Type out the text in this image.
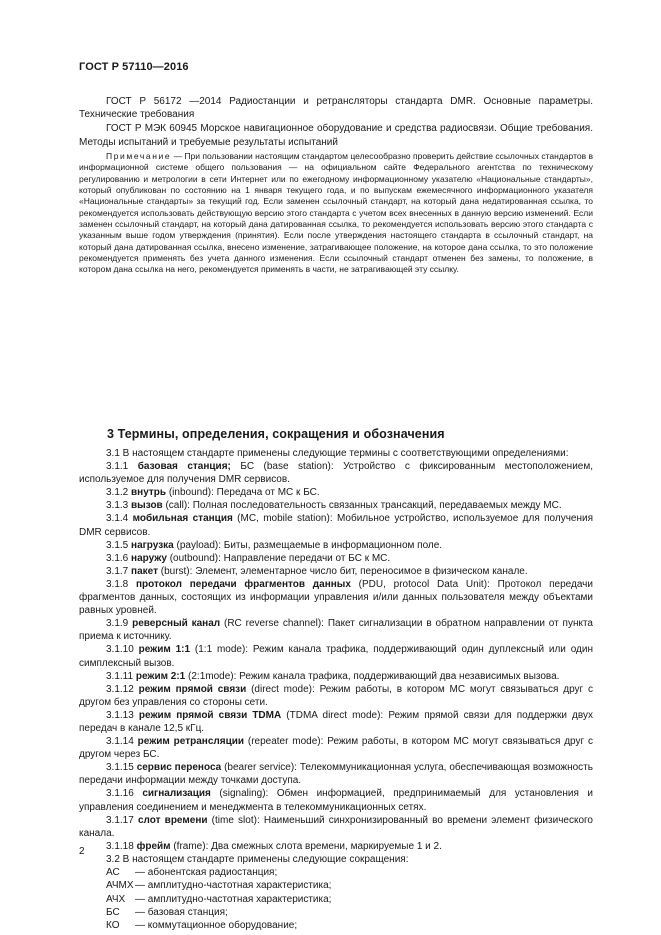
ГОСТ Р 57110—2016

ГОСТ Р 56172 —2014 Радиостанции и ретрансляторы стандарта DMR. Основные параметры. Технические требования

ГОСТ Р МЭК 60945 Морское навигационное оборудование и средства радиосвязи. Общие требования. Методы испытаний и требуемые результаты испытаний

Примечание — При пользовании настоящим стандартом целесообразно проверить действие ссылочных стандартов в информационной системе общего пользования — на официальном сайте Федерального агентства по техническому регулированию и метрологии в сети Интернет или по ежегодному информационному указателю «Национальные стандарты», который опубликован по состоянию на 1 января текущего года, и по выпускам ежемесячного информационного указателя «Национальные стандарты» за текущий год. Если заменен ссылочный стандарт, на который дана недатированная ссылка, то рекомендуется использовать действующую версию этого стандарта с учетом всех внесенных в данную версию изменений. Если заменен ссылочный стандарт, на который дана датированная ссылка, то рекомендуется использовать версию этого стандарта с указанным выше годом утверждения (принятия). Если после утверждения настоящего стандарта в ссылочный стандарт, на который дана датированная ссылка, внесено изменение, затрагивающее положение, на которое дана ссылка, то это положение рекомендуется применять без учета данного изменения. Если ссылочный стандарт отменен без замены, то положение, в котором дана ссылка на него, рекомендуется применять в части, не затрагивающей эту ссылку.
3 Термины, определения, сокращения и обозначения

3.1 В настоящем стандарте применены следующие термины с соответствующими определениями:

3.1.1 базовая станция; БС (base station): Устройство с фиксированным местоположением, используемое для получения DMR сервисов.

3.1.2 внутрь (inbound): Передача от МС к БС.

3.1.3 вызов (call): Полная последовательность связанных трансакций, передаваемых между МС.

3.1.4 мобильная станция (МС, mobile station): Мобильное устройство, используемое для получения DMR сервисов.

3.1.5 нагрузка (payload): Биты, размещаемые в информационном поле.

3.1.6 наружу (outbound): Направление передачи от БС к МС.

3.1.7 пакет (burst): Элемент, элементарное число бит, переносимое в физическом канале.

3.1.8 протокол передачи фрагментов данных (PDU, protocol Data Unit): Протокол передачи фрагментов данных, состоящих из информации управления и/или данных пользователя между объектами равных уровней.

3.1.9 реверсный канал (RC reverse channel): Пакет сигнализации в обратном направлении от пункта приема к источнику.

3.1.10 режим 1:1 (1:1 mode): Режим канала трафика, поддерживающий один дуплексный или один симплексный вызов.

3.1.11 режим 2:1 (2:1mode): Режим канала трафика, поддерживающий два независимых вызова.

3.1.12 режим прямой связи (direct mode): Режим работы, в котором МС могут связываться друг с другом без управления со стороны сети.

3.1.13 режим прямой связи TDMA (TDMA direct mode): Режим прямой связи для поддержки двух передач в канале 12,5 кГц.

3.1.14 режим ретрансляции (repeater mode): Режим работы, в котором МС могут связываться друг с другом через БС.

3.1.15 сервис переноса (bearer service): Телекоммуникационная услуга, обеспечивающая возможность передачи информации между точками доступа.

3.1.16 сигнализация (signaling): Обмен информацией, предпринимаемый для установления и управления соединением и менеджмента в телекоммуникационных сетях.

3.1.17 слот времени (time slot): Наименьший синхронизированный во времени элемент физического канала.

3.1.18 фрейм (frame): Два смежных слота времени, маркируемые 1 и 2.

3.2 В настоящем стандарте применены следующие сокращения:

АС	— абонентская радиостанция;
АЧМХ — амплитудно-частотная характеристика;
АЧХ — амплитудно-частотная характеристика;
БС	— базовая станция;
КО	— коммутационное оборудование;
2
